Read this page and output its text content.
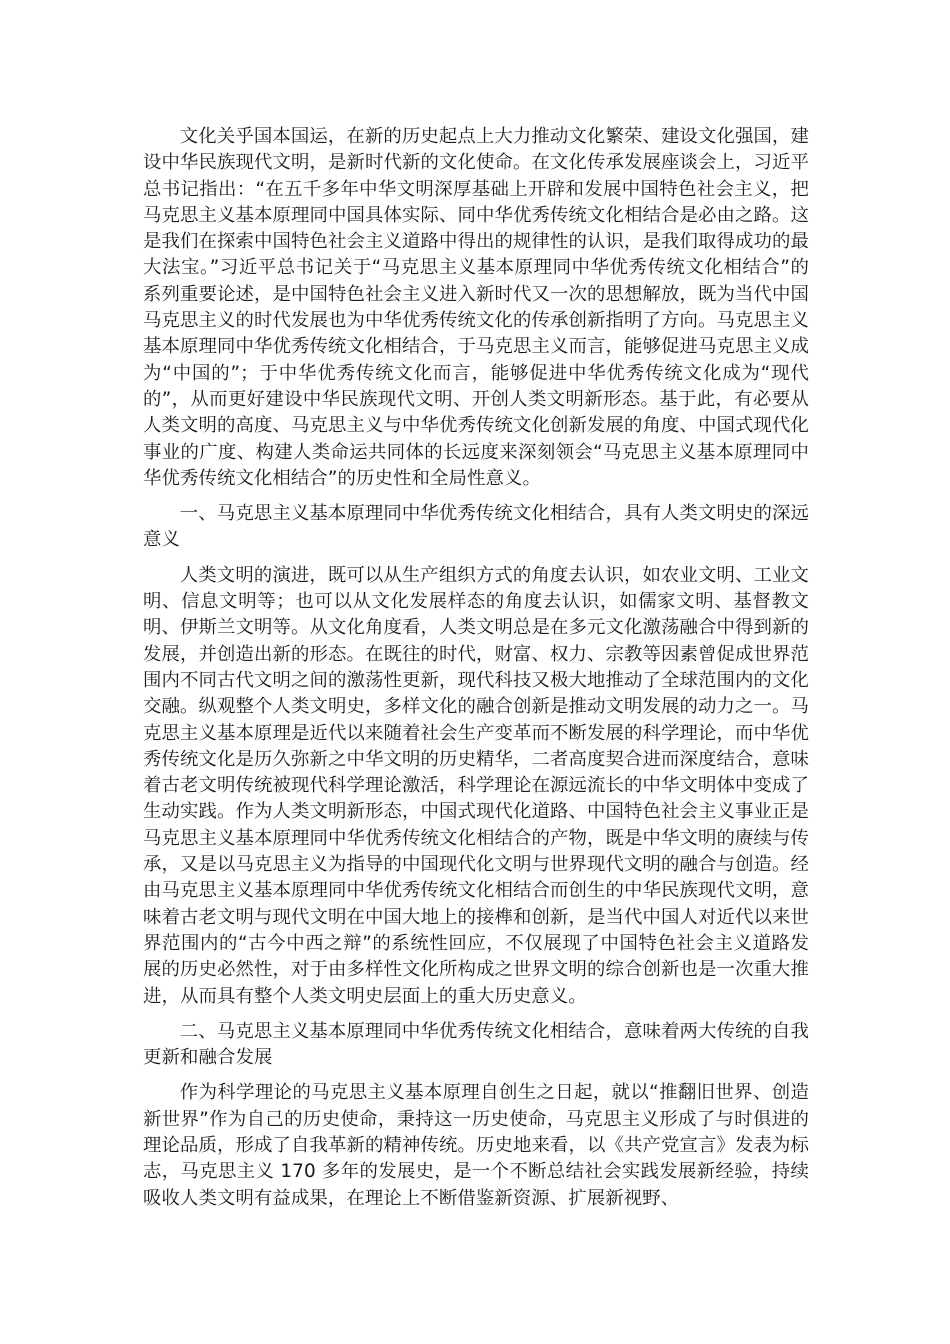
文化关乎国本国运，在新的历史起点上大力推动文化繁荣、建设文化强国，建设中华民族现代文明，是新时代新的文化使命。在文化传承发展座谈会上，习近平总书记指出：“在五千多年中华文明深厚基础上开辟和发展中国特色社会主义，把马克思主义基本原理同中国具体实际、同中华优秀传统文化相结合是必由之路。这是我们在探索中国特色社会主义道路中得出的规律性的认识，是我们取得成功的最大法宝。”习近平总书记关于“马克思主义基本原理同中华优秀传统文化相结合”的系列重要论述，是中国特色社会主义进入新时代又一次的思想解放，既为当代中国马克思主义的时代发展也为中华优秀传统文化的传承创新指明了方向。马克思主义基本原理同中华优秀传统文化相结合，于马克思主义而言，能够促进马克思主义成为“中国的”；于中华优秀传统文化而言，能够促进中华优秀传统文化成为“现代的”，从而更好建设中华民族现代文明、开创人类文明新形态。基于此，有必要从人类文明的高度、马克思主义与中华优秀传统文化创新发展的角度、中国式现代化事业的广度、构建人类命运共同体的长远度来深刻领会“马克思主义基本原理同中华优秀传统文化相结合”的历史性和全局性意义。

一、马克思主义基本原理同中华优秀传统文化相结合，具有人类文明史的深远意义

人类文明的演进，既可以从生产组织方式的角度去认识，如农业文明、工业文明、信息文明等；也可以从文化发展样态的角度去认识，如儒家文明、基督教文明、伊斯兰文明等。从文化角度看，人类文明总是在多元文化激荡融合中得到新的发展，并创造出新的形态。在既往的时代，财富、权力、宗教等因素曾促成世界范围内不同古代文明之间的激荡性更新，现代科技又极大地推动了全球范围内的文化交融。纵观整个人类文明史，多样文化的融合创新是推动文明发展的动力之一。马克思主义基本原理是近代以来随着社会生产变革而不断发展的科学理论，而中华优秀传统文化是历久弥新之中华文明的历史精华，二者高度契合进而深度结合，意味着古老文明传统被现代科学理论激活，科学理论在源远流长的中华文明体中变成了生动实践。作为人类文明新形态，中国式现代化道路、中国特色社会主义事业正是马克思主义基本原理同中华优秀传统文化相结合的产物，既是中华文明的赓续与传承，又是以马克思主义为指导的中国现代化文明与世界现代文明的融合与创造。经由马克思主义基本原理同中华优秀传统文化相结合而创生的中华民族现代文明，意味着古老文明与现代文明在中国大地上的接榫和创新，是当代中国人对近代以来世界范围内的“古今中西之辩”的系统性回应，不仅展现了中国特色社会主义道路发展的历史必然性，对于由多样性文化所构成之世界文明的综合创新也是一次重大推进，从而具有整个人类文明史层面上的重大历史意义。

二、马克思主义基本原理同中华优秀传统文化相结合，意味着两大传统的自我更新和融合发展

作为科学理论的马克思主义基本原理自创生之日起，就以“推翻旧世界、创造新世界”作为自己的历史使命，秉持这一历史使命，马克思主义形成了与时俱进的理论品质，形成了自我革新的精神传统。历史地来看，以《共产党宣言》发表为标志，马克思主义 170 多年的发展史，是一个不断总结社会实践发展新经验，持续吸收人类文明有益成果，在理论上不断借鉴新资源、扩展新视野、
